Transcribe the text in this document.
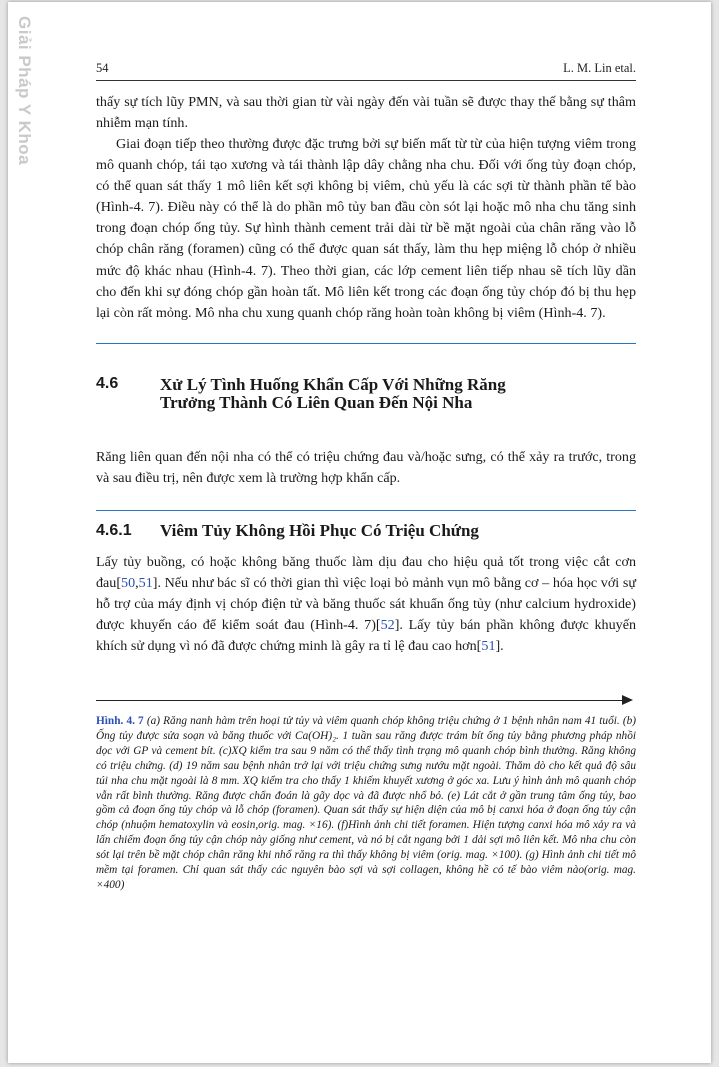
Giải Pháp Y Khoa	54	L. M. Lin etal.

thấy sự tích lũy PMN, và sau thời gian từ vài ngày đến vài tuần sẽ được thay thế bằng sự thâm nhiễm mạn tính.

Giai đoạn tiếp theo thường được đặc trưng bởi sự biến mất từ từ của hiện tượng viêm trong mô quanh chóp, tái tạo xương và tái thành lập dây chằng nha chu. Đối với ống tủy đoạn chóp, có thể quan sát thấy 1 mô liên kết sợi không bị viêm, chủ yếu là các sợi từ thành phần tế bào (Hình-4. 7). Điều này có thể là do phần mô tủy ban đầu còn sót lại hoặc mô nha chu tăng sinh trong đoạn chóp ống tủy. Sự hình thành cement trải dài từ bề mặt ngoài của chân răng vào lỗ chóp chân răng (foramen) cũng có thể được quan sát thấy, làm thu hẹp miệng lỗ chóp ở nhiều mức độ khác nhau (Hình-4. 7). Theo thời gian, các lớp cement liên tiếp nhau sẽ tích lũy dần cho đến khi sự đóng chóp gần hoàn tất. Mô liên kết trong các đoạn ống tủy chóp đó bị thu hẹp lại còn rất mỏng. Mô nha chu xung quanh chóp răng hoàn toàn không bị viêm (Hình-4. 7).

4.6 Xử Lý Tình Huống Khẩn Cấp Với Những Răng Trưởng Thành Có Liên Quan Đến Nội Nha

Răng liên quan đến nội nha có thể có triệu chứng đau và/hoặc sưng, có thể xảy ra trước, trong và sau điều trị, nên được xem là trường hợp khẩn cấp.

4.6.1 Viêm Tủy Không Hồi Phục Có Triệu Chứng

Lấy tủy buồng, có hoặc không băng thuốc làm dịu đau cho hiệu quả tốt trong việc cắt cơn đau[50,51]. Nếu như bác sĩ có thời gian thì việc loại bỏ mảnh vụn mô bằng cơ – hóa học với sự hỗ trợ của máy định vị chóp điện tử và băng thuốc sát khuẩn ống tủy (như calcium hydroxide) được khuyến cáo để kiểm soát đau (Hình-4. 7)[52]. Lấy tủy bán phần không được khuyến khích sử dụng vì nó đã được chứng minh là gây ra tỉ lệ đau cao hơn[51].

Hình. 4. 7 (a) Răng nanh hàm trên hoại tử tủy và viêm quanh chóp không triệu chứng ở 1 bệnh nhân nam 41 tuổi. (b) Ống tủy được sửa soạn và băng thuốc với Ca(OH)₂. 1 tuần sau răng được trám bít ống tủy bằng phương pháp nhồi dọc với GP và cement bít. (c)XQ kiểm tra sau 9 năm có thể thấy tình trạng mô quanh chóp bình thường. Răng không có triệu chứng. (d) 19 năm sau bệnh nhân trở lại với triệu chứng sưng nướu mặt ngoài. Thăm dò cho kết quả độ sâu túi nha chu mặt ngoài là 8 mm. XQ kiểm tra cho thấy 1 khiếm khuyết xương ở góc xa. Lưu ý hình ảnh mô quanh chóp vẫn rất bình thường. Răng được chẩn đoán là gãy dọc và đã được nhổ bỏ. (e) Lát cắt ở gần trung tâm ống tủy, bao gồm cả đoạn ống tủy chóp và lỗ chóp (foramen). Quan sát thấy sự hiện diện của mô bị canxi hóa ở đoạn ống tủy cận chóp (nhuộm hematoxylin và eosin,orig. mag. ×16). (f)Hình ảnh chi tiết foramen. Hiện tượng canxi hóa mô xảy ra và lấn chiếm đoạn ống tủy cận chóp này giống như cement, và nó bị cắt ngang bởi 1 dải sợi mô liên kết. Mô nha chu còn sót lại trên bề mặt chóp chân răng khi nhổ răng ra thì thấy không bị viêm (orig. mag. ×100). (g) Hình ảnh chi tiết mô mềm tại foramen. Chỉ quan sát thấy các nguyên bào sợi và sợi collagen, không hề có tế bào viêm nào(orig. mag. ×400)
